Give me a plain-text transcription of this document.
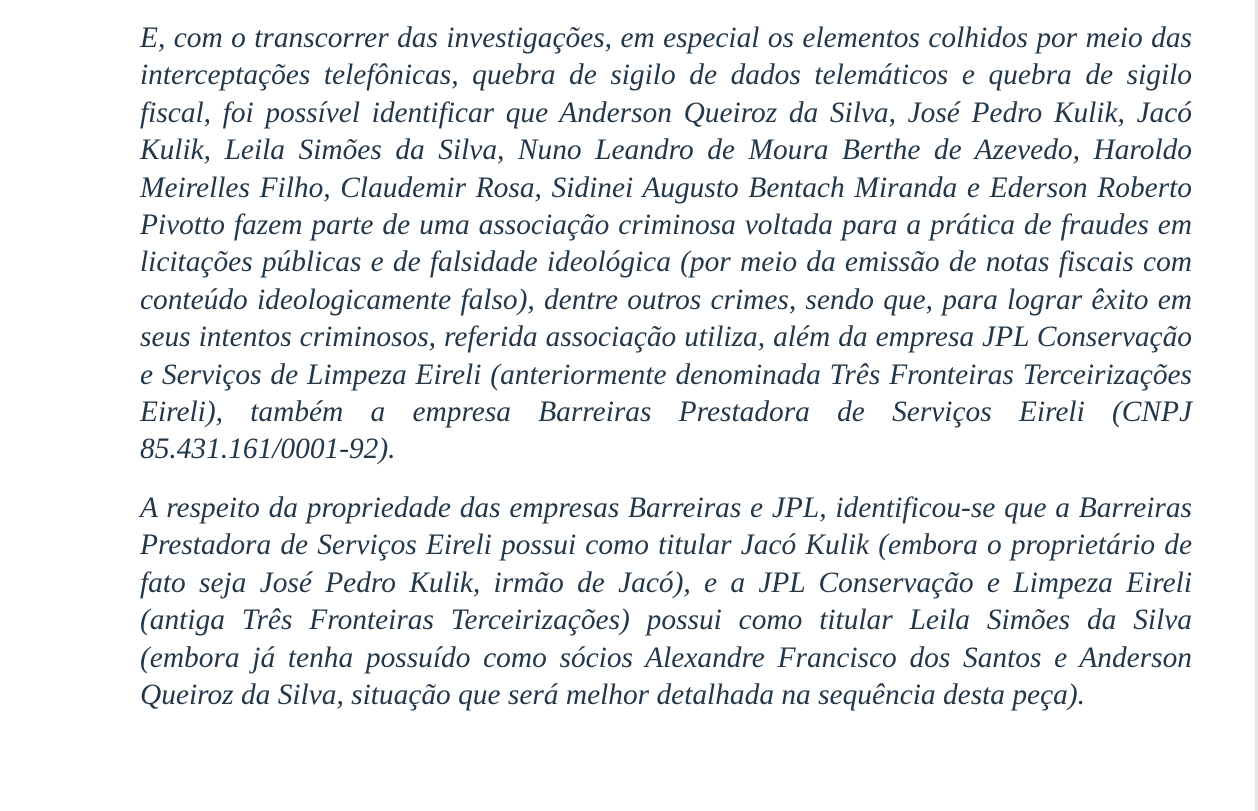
E, com o transcorrer das investigações, em especial os elementos colhidos por meio das interceptações telefônicas, quebra de sigilo de dados telemáticos e quebra de sigilo fiscal, foi possível identificar que Anderson Queiroz da Silva, José Pedro Kulik, Jacó Kulik, Leila Simões da Silva, Nuno Leandro de Moura Berthe de Azevedo, Haroldo Meirelles Filho, Claudemir Rosa, Sidinei Augusto Bentach Miranda e Ederson Roberto Pivotto fazem parte de uma associação criminosa voltada para a prática de fraudes em licitações públicas e de falsidade ideológica (por meio da emissão de notas fiscais com conteúdo ideologicamente falso), dentre outros crimes, sendo que, para lograr êxito em seus intentos criminosos, referida associação utiliza, além da empresa JPL Conservação e Serviços de Limpeza Eireli (anteriormente denominada Três Fronteiras Terceirizações Eireli), também a empresa Barreiras Prestadora de Serviços Eireli (CNPJ 85.431.161/0001-92).

A respeito da propriedade das empresas Barreiras e JPL, identificou-se que a Barreiras Prestadora de Serviços Eireli possui como titular Jacó Kulik (embora o proprietário de fato seja José Pedro Kulik, irmão de Jacó), e a JPL Conservação e Limpeza Eireli (antiga Três Fronteiras Terceirizações) possui como titular Leila Simões da Silva (embora já tenha possuído como sócios Alexandre Francisco dos Santos e Anderson Queiroz da Silva, situação que será melhor detalhada na sequência desta peça).
